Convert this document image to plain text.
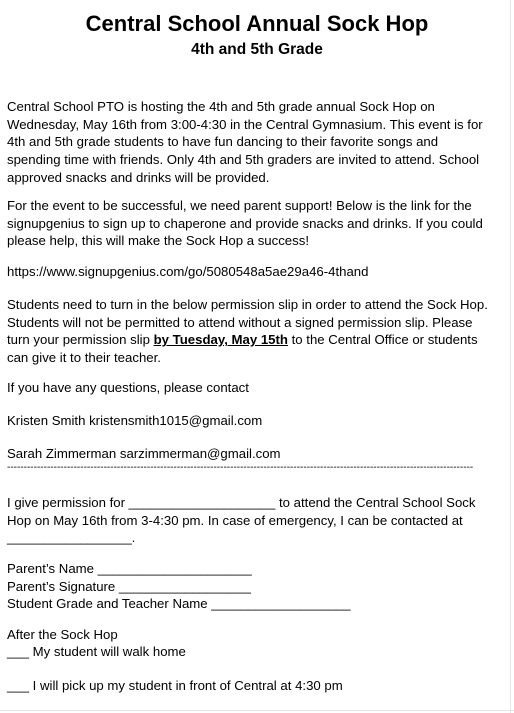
Central School Annual Sock Hop
4th and 5th Grade

Central School PTO is hosting the 4th and 5th grade annual Sock Hop on
Wednesday, May 16th from 3:00-4:30 in the Central Gymnasium. This event is for
4th and 5th grade students to have fun dancing to their favorite songs and
spending time with friends. Only 4th and 5th graders are invited to attend. School
approved snacks and drinks will be provided.

For the event to be successful, we need parent support! Below is the link for the
signupgenius to sign up to chaperone and provide snacks and drinks. If you could
please help, this will make the Sock Hop a success!

https://www.signupgenius.com/go/5080548a5ae29a46-4thand

Students need to turn in the below permission slip in order to attend the Sock Hop.
Students will not be permitted to attend without a signed permission slip. Please
turn your permission slip by Tuesday, May 15th to the Central Office or students
can give it to their teacher.

If you have any questions, please contact

Kristen Smith kristensmith1015@gmail.com

Sarah Zimmerman sarzimmerman@gmail.com

--------------------------------------------------------------------------------------------------------------------------------------------

I give permission for ____________________ to attend the Central School Sock
Hop on May 16th from 3-4:30 pm. In case of emergency, I can be contacted at
_________________.

Parent’s Name _____________________
Parent’s Signature __________________
Student Grade and Teacher Name ___________________

After the Sock Hop

___ My student will walk home

___ I will pick up my student in front of Central at 4:30 pm
